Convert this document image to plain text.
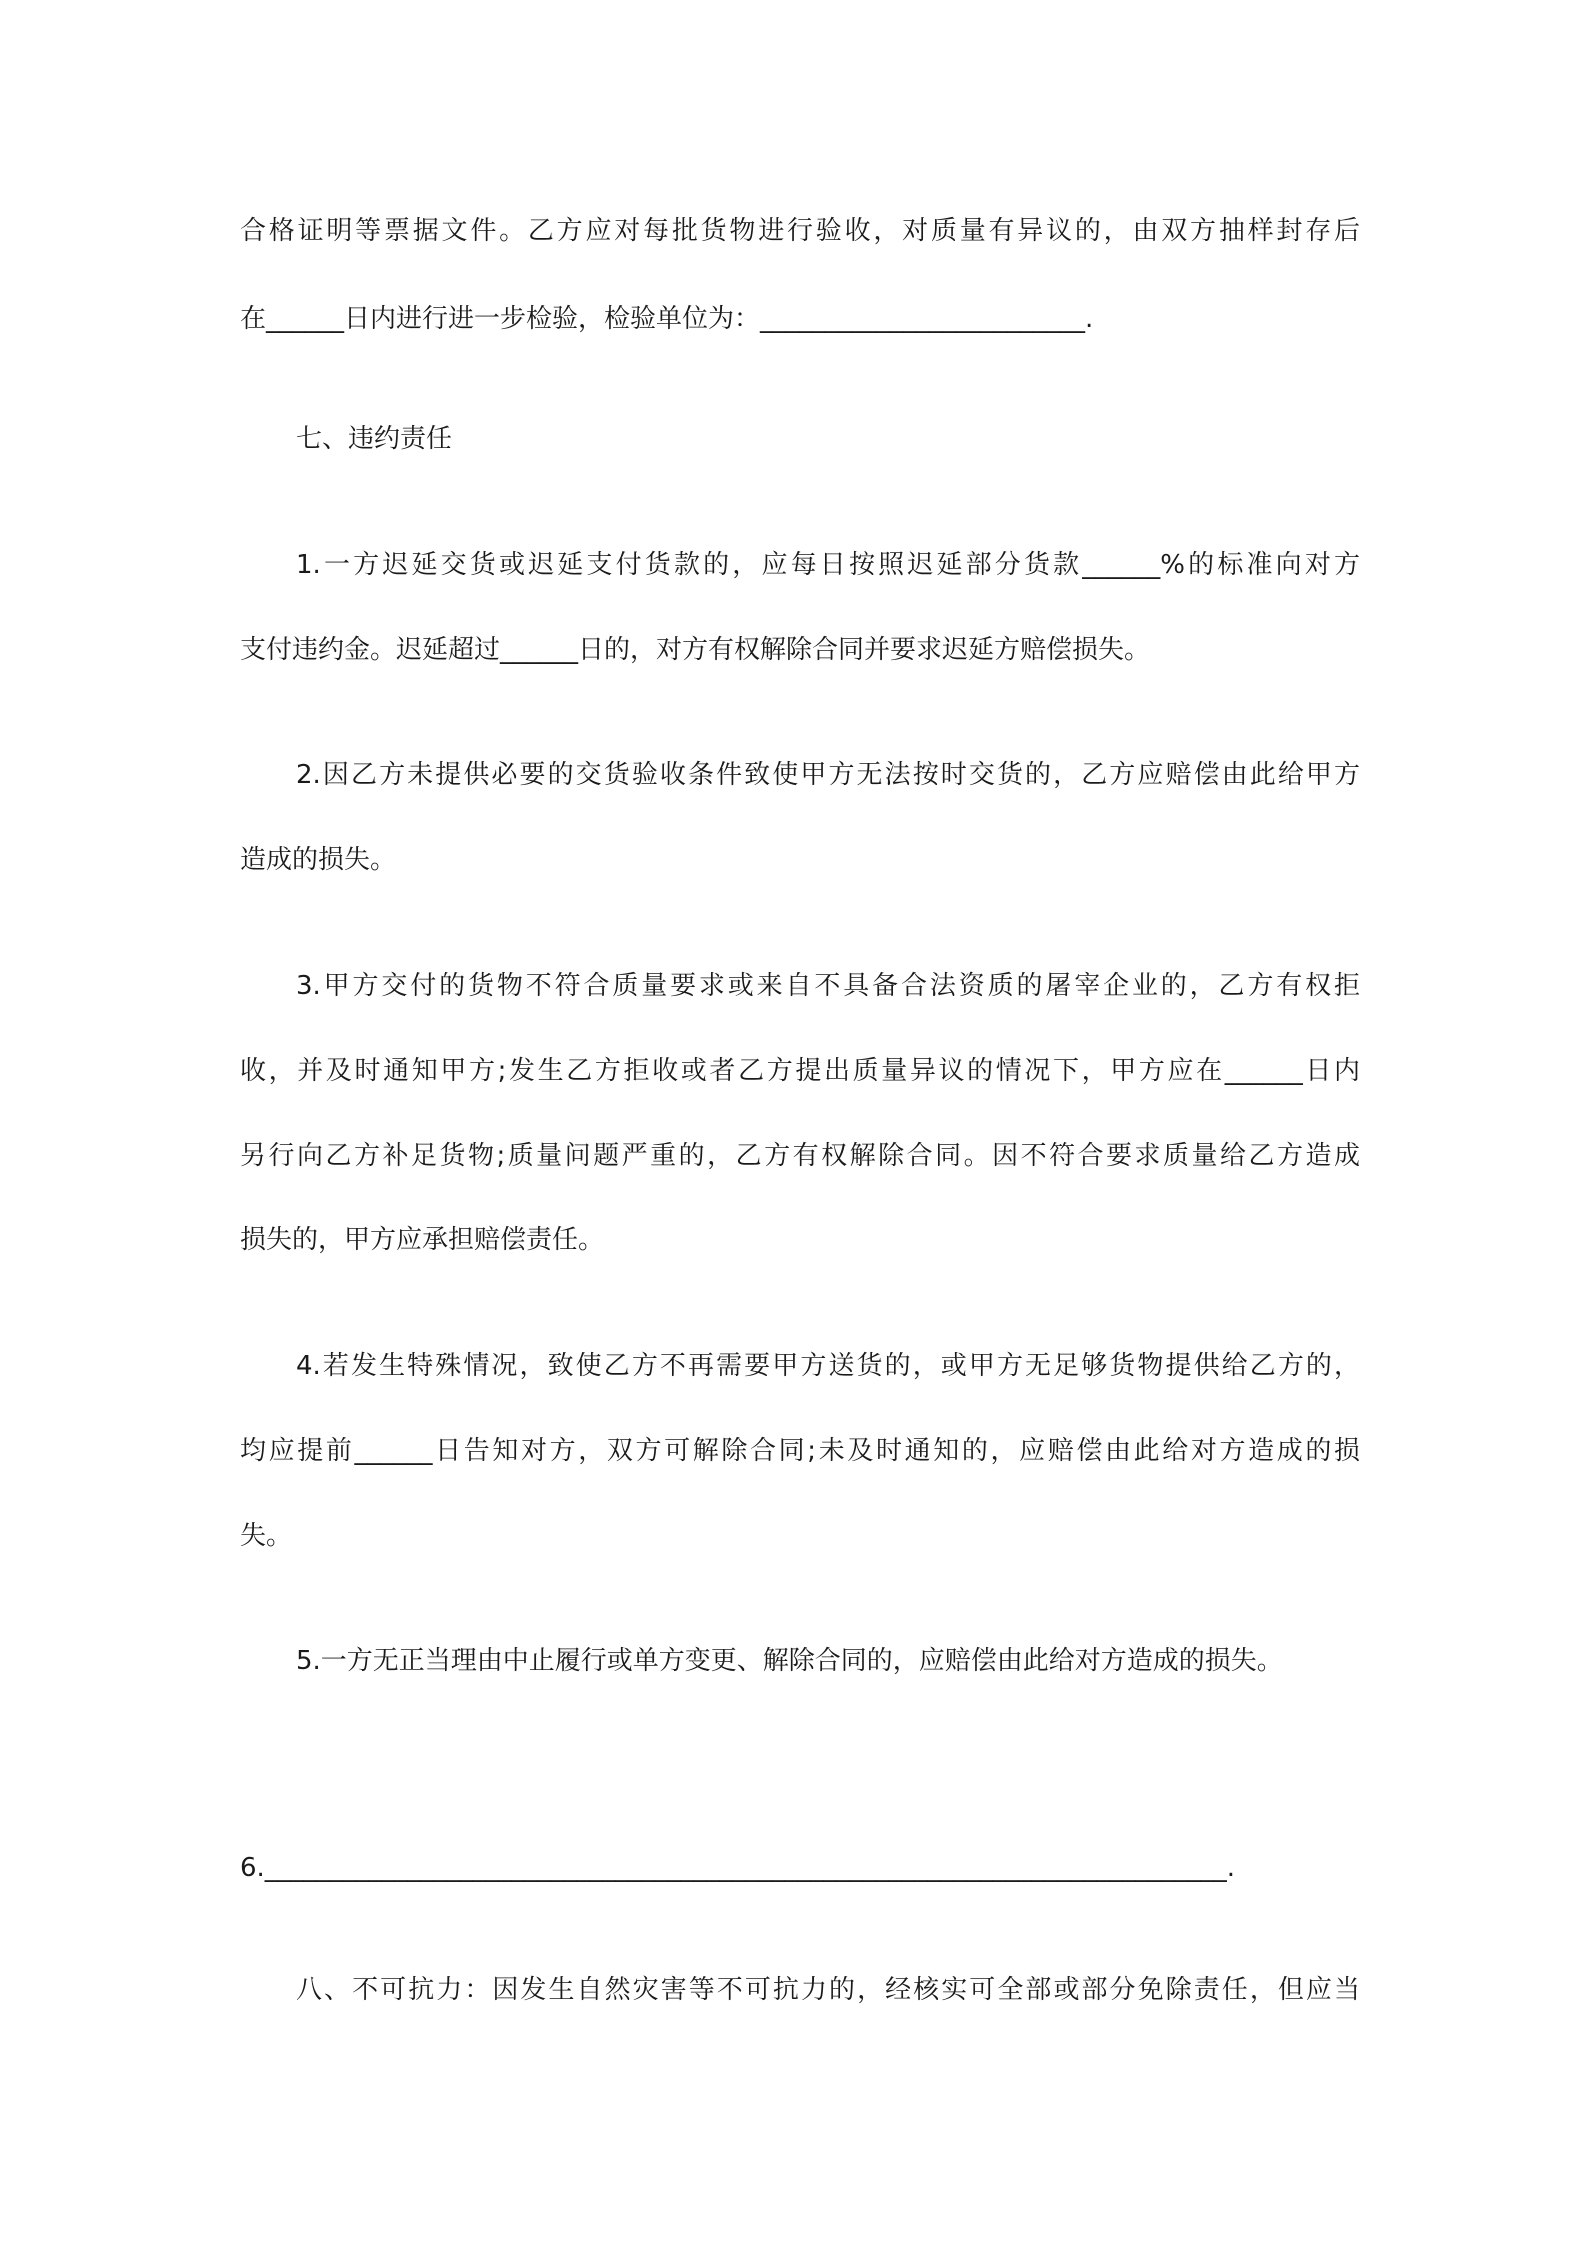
合格证明等票据文件。乙方应对每批货物进行验收，对质量有异议的，由双方抽样封存后
在______日内进行进一步检验，检验单位为：_________________________.
七、违约责任
1.一方迟延交货或迟延支付货款的，应每日按照迟延部分货款______%的标准向对方
支付违约金。迟延超过______日的，对方有权解除合同并要求迟延方赔偿损失。
2.因乙方未提供必要的交货验收条件致使甲方无法按时交货的，乙方应赔偿由此给甲方
造成的损失。
3.甲方交付的货物不符合质量要求或来自不具备合法资质的屠宰企业的，乙方有权拒
收，并及时通知甲方;发生乙方拒收或者乙方提出质量异议的情况下，甲方应在______日内
另行向乙方补足货物;质量问题严重的，乙方有权解除合同。因不符合要求质量给乙方造成
损失的，甲方应承担赔偿责任。
4.若发生特殊情况，致使乙方不再需要甲方送货的，或甲方无足够货物提供给乙方的，
均应提前______日告知对方，双方可解除合同;未及时通知的，应赔偿由此给对方造成的损
失。
5.一方无正当理由中止履行或单方变更、解除合同的，应赔偿由此给对方造成的损失。
6.__________________________________________________________________________.
八、不可抗力：因发生自然灾害等不可抗力的，经核实可全部或部分免除责任，但应当
